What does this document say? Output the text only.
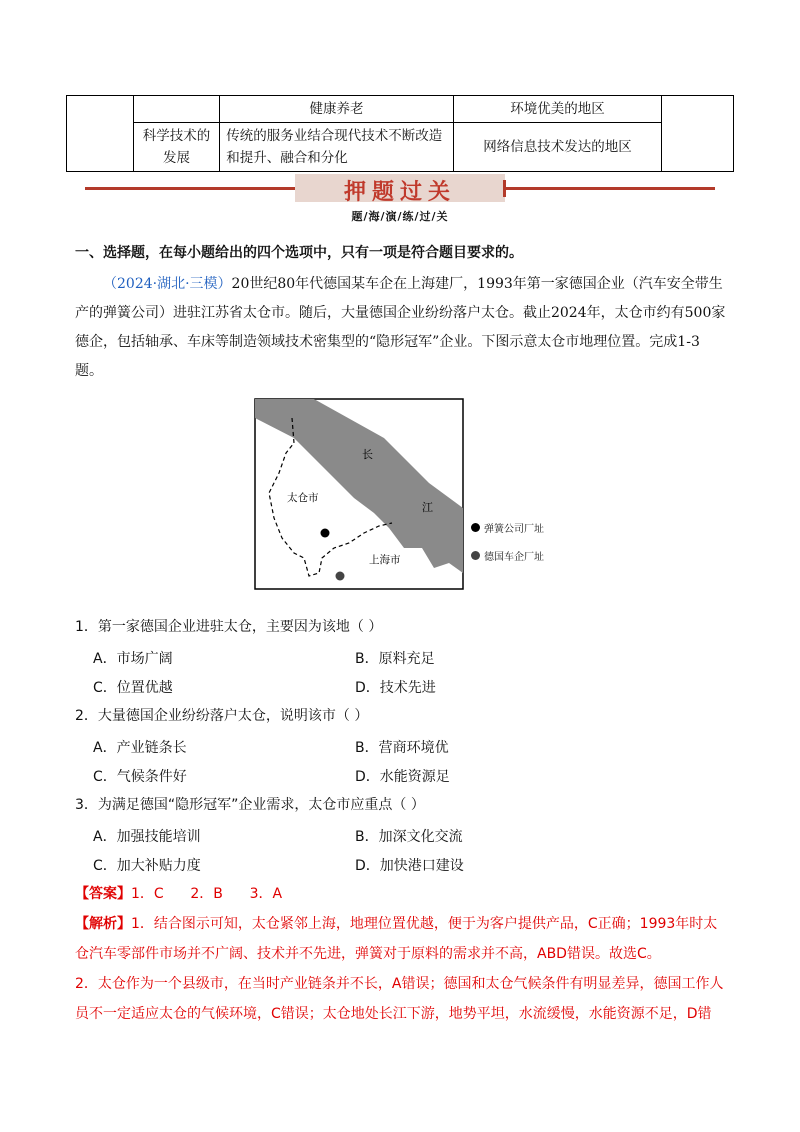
		健康养老	环境优美的地区	
	科学技术的发展	传统的服务业结合现代技术不断改造和提升、融合和分化	网络信息技术发达的地区	
押题过关
题/海/演/练/过/关
一、选择题，在每小题给出的四个选项中，只有一项是符合题目要求的。
（2024·湖北·三模）20世纪80年代德国某车企在上海建厂，1993年第一家德国企业（汽车安全带生
产的弹簧公司）进驻江苏省太仓市。随后，大量德国企业纷纷落户太仓。截止2024年，太仓市约有500家
德企，包括轴承、车床等制造领域技术密集型的“隐形冠军”企业。下图示意太仓市地理位置。完成1-3
题。
长
江
太仓市
上海市
弹簧公司厂址
德国车企厂址
1．第一家德国企业进驻太仓，主要因为该地（ ）
A．市场广阔	B．原料充足
C．位置优越	D．技术先进
2．大量德国企业纷纷落户太仓，说明该市（ ）
A．产业链条长	B．营商环境优
C．气候条件好	D．水能资源足
3．为满足德国“隐形冠军”企业需求，太仓市应重点（ ）
A．加强技能培训	B．加深文化交流
C．加大补贴力度	D．加快港口建设
【答案】1．C      2．B      3．A
【解析】1．结合图示可知，太仓紧邻上海，地理位置优越，便于为客户提供产品，C正确；1993年时太
仓汽车零部件市场并不广阔、技术并不先进，弹簧对于原料的需求并不高，ABD错误。故选C。
2．太仓作为一个县级市，在当时产业链条并不长，A错误；德国和太仓气候条件有明显差异，德国工作人
员不一定适应太仓的气候环境，C错误；太仓地处长江下游，地势平坦，水流缓慢，水能资源不足，D错
